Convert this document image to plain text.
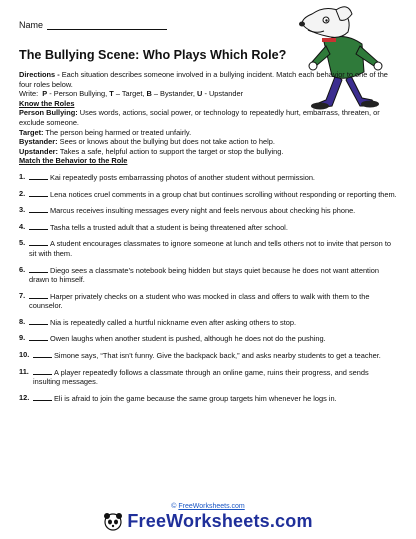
Name
The Bullying Scene: Who Plays Which Role?

Directions - Each situation describes someone involved in a bullying incident. Match each behavior to one of the four roles below.

Write: P - Person Bullying, T – Target, B – Bystander, U - Upstander

Know the Roles

Person Bullying: Uses words, actions, social power, or technology to repeatedly hurt, embarrass, threaten, or exclude someone.

Target: The person being harmed or treated unfairly.

Bystander: Sees or knows about the bullying but does not take action to help.

Upstander: Takes a safe, helpful action to support the target or stop the bullying.

Match the Behavior to the Role

1.	Kai repeatedly posts embarrassing photos of another student without permission.
2.	Lena notices cruel comments in a group chat but continues scrolling without responding or reporting them.
3.	Marcus receives insulting messages every night and feels nervous about checking his phone.
4.	Tasha tells a trusted adult that a student is being threatened after school.
5.	A student encourages classmates to ignore someone at lunch and tells others not to invite that person to sit with them.
6.	Diego sees a classmate’s notebook being hidden but stays quiet because he does not want attention drawn to himself.
7.	Harper privately checks on a student who was mocked in class and offers to walk with them to the counselor.
8.	Nia is repeatedly called a hurtful nickname even after asking others to stop.
9.	Owen laughs when another student is pushed, although he does not do the pushing.
10.	Simone says, “That isn’t funny. Give the backpack back,” and asks nearby students to get a teacher.
11.	A player repeatedly follows a classmate through an online game, ruins their progress, and sends insulting messages.
12.	Eli is afraid to join the game because the same group targets him whenever he logs in.
© FreeWorksheets.com
FreeWorksheets.com
